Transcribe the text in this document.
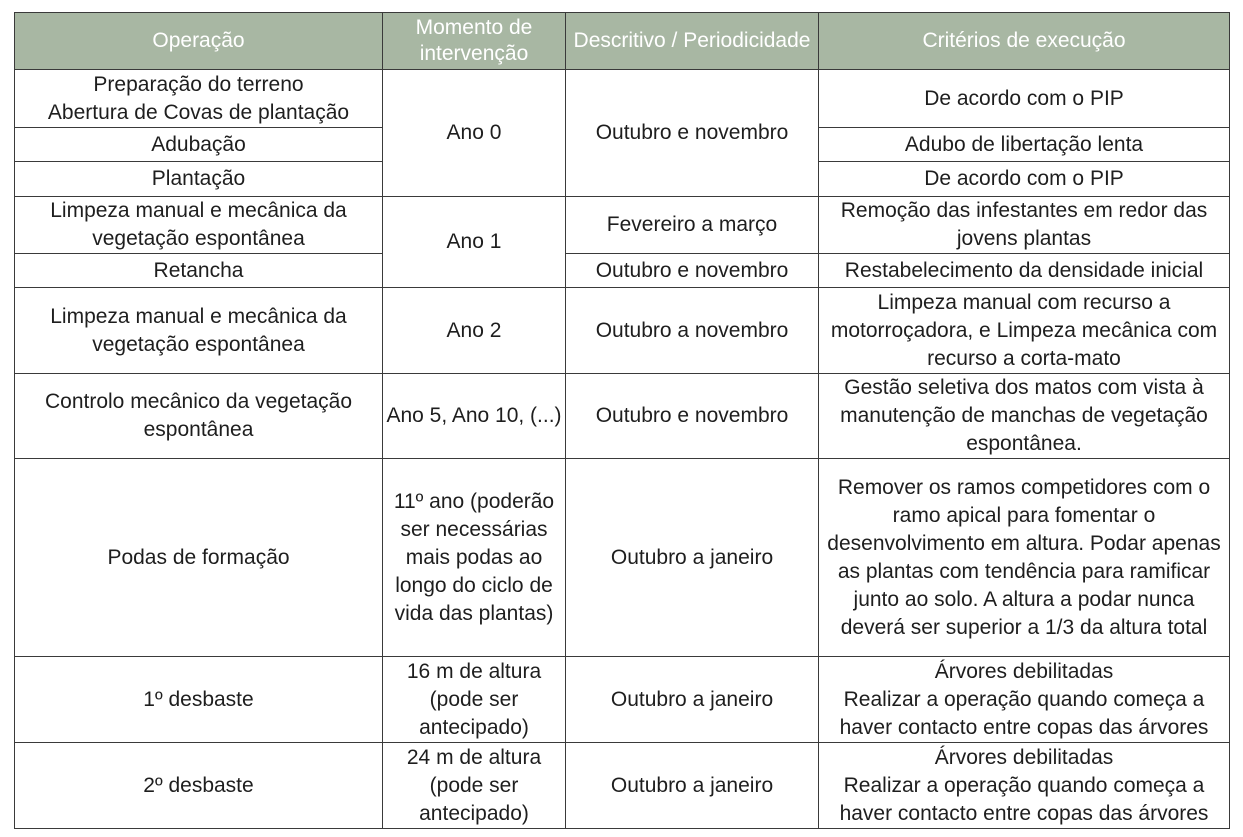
Operação	Momento de intervenção	Descritivo / Periodicidade	Critérios de execução
Preparação do terreno
Abertura de Covas de plantação	Ano 0	Outubro e novembro	De acordo com o PIP
Adubação			Adubo de libertação lenta
Plantação			De acordo com o PIP
Limpeza manual e mecânica da vegetação espontânea	Ano 1	Fevereiro a março	Remoção das infestantes em redor das jovens plantas
Retancha		Outubro e novembro	Restabelecimento da densidade inicial
Limpeza manual e mecânica da vegetação espontânea	Ano 2	Outubro a novembro	Limpeza manual com recurso a motorroçadora, e Limpeza mecânica com recurso a corta-mato
Controlo mecânico da vegetação espontânea	Ano 5, Ano 10, (...)	Outubro e novembro	Gestão seletiva dos matos com vista à manutenção de manchas de vegetação espontânea.
Podas de formação	11º ano (poderão ser necessárias mais podas ao longo do ciclo de vida das plantas)	Outubro a janeiro	Remover os ramos competidores com o ramo apical para fomentar o desenvolvimento em altura. Podar apenas as plantas com tendência para ramificar junto ao solo. A altura a podar nunca deverá ser superior a 1/3 da altura total
1º desbaste	16 m de altura (pode ser antecipado)	Outubro a janeiro	Árvores debilitadas
Realizar a operação quando começa a haver contacto entre copas das árvores
2º desbaste	24 m de altura (pode ser antecipado)	Outubro a janeiro	Árvores debilitadas
Realizar a operação quando começa a haver contacto entre copas das árvores
